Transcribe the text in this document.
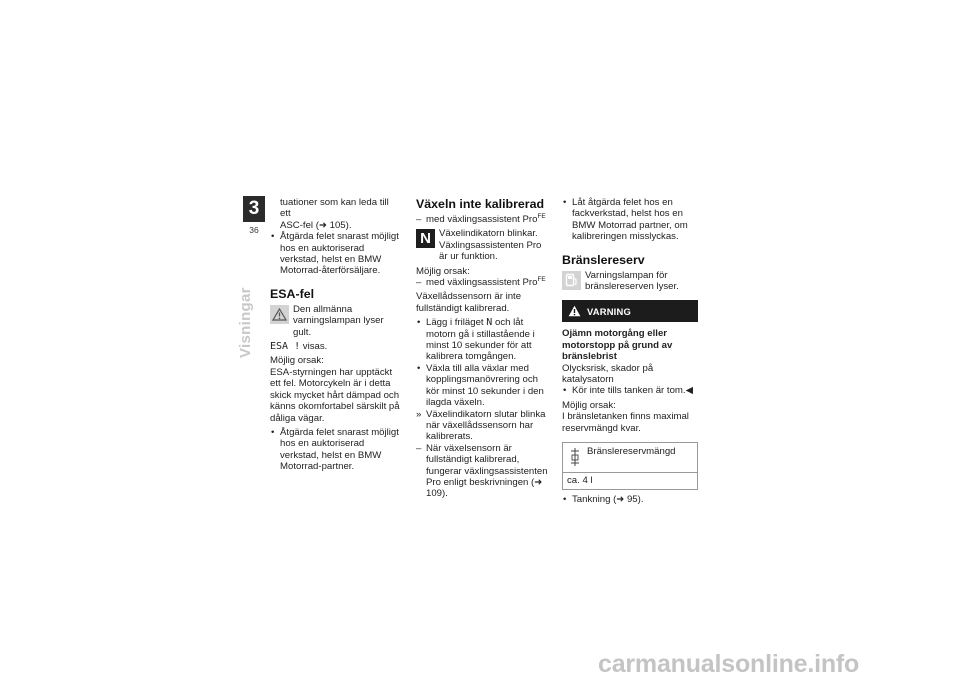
3
36
Visningar
tuationer som kan leda till ett
ASC-fel (➜ 105).
• Åtgärda felet snarast möjligt hos en auktoriserad verkstad, helst en BMW Motorrad-återförsäljare.
ESA-fel
Den allmänna varningslampan lyser gult.

ESA ! visas.

Möjlig orsak:

ESA-styrningen har upptäckt ett fel. Motorcykeln är i detta skick mycket hårt dämpad och känns okomfortabel särskilt på dåliga vägar.

• Åtgärda felet snarast möjligt hos en auktoriserad verkstad, helst en BMW Motorrad-partner.
Växeln inte kalibrerad
– med växlingsassistent Pro$^{FE}$
N Växelindikatorn blinkar. Växlingsassistenten Pro är ur funktion.
Möjlig orsak:
– med växlingsassistent Pro$^{FE}$

Växellådssensorn är inte fullständigt kalibrerad.

• Lägg i friläget N och låt motorn gå i stillastående i minst 10 sekunder för att kalibrera tomgången.
• Växla till alla växlar med kopplingsmanövrering och kör minst 10 sekunder i den ilagda växeln.
» Växelindikatorn slutar blinka när växellådssensorn har kalibrerats.
– När växelsensorn är fullständigt kalibrerad, fungerar växlingsassistenten Pro enligt beskrivningen (➜ 109).
• Låt åtgärda felet hos en fackverkstad, helst hos en BMW Motorrad partner, om kalibreringen misslyckas.
Bränslereserv
Varningslampan för bränslereserven lyser.
VARNING
Ojämn motorgång eller motorstopp på grund av bränslebrist
Olycksrisk, skador på katalysatorn
• Kör inte tills tanken är tom.◀
Möjlig orsak:

I bränsletanken finns maximal reservmängd kvar.

Bränslereservmängd
ca. 4 l
• Tankning (➜ 95).
carmanualsonline.info
